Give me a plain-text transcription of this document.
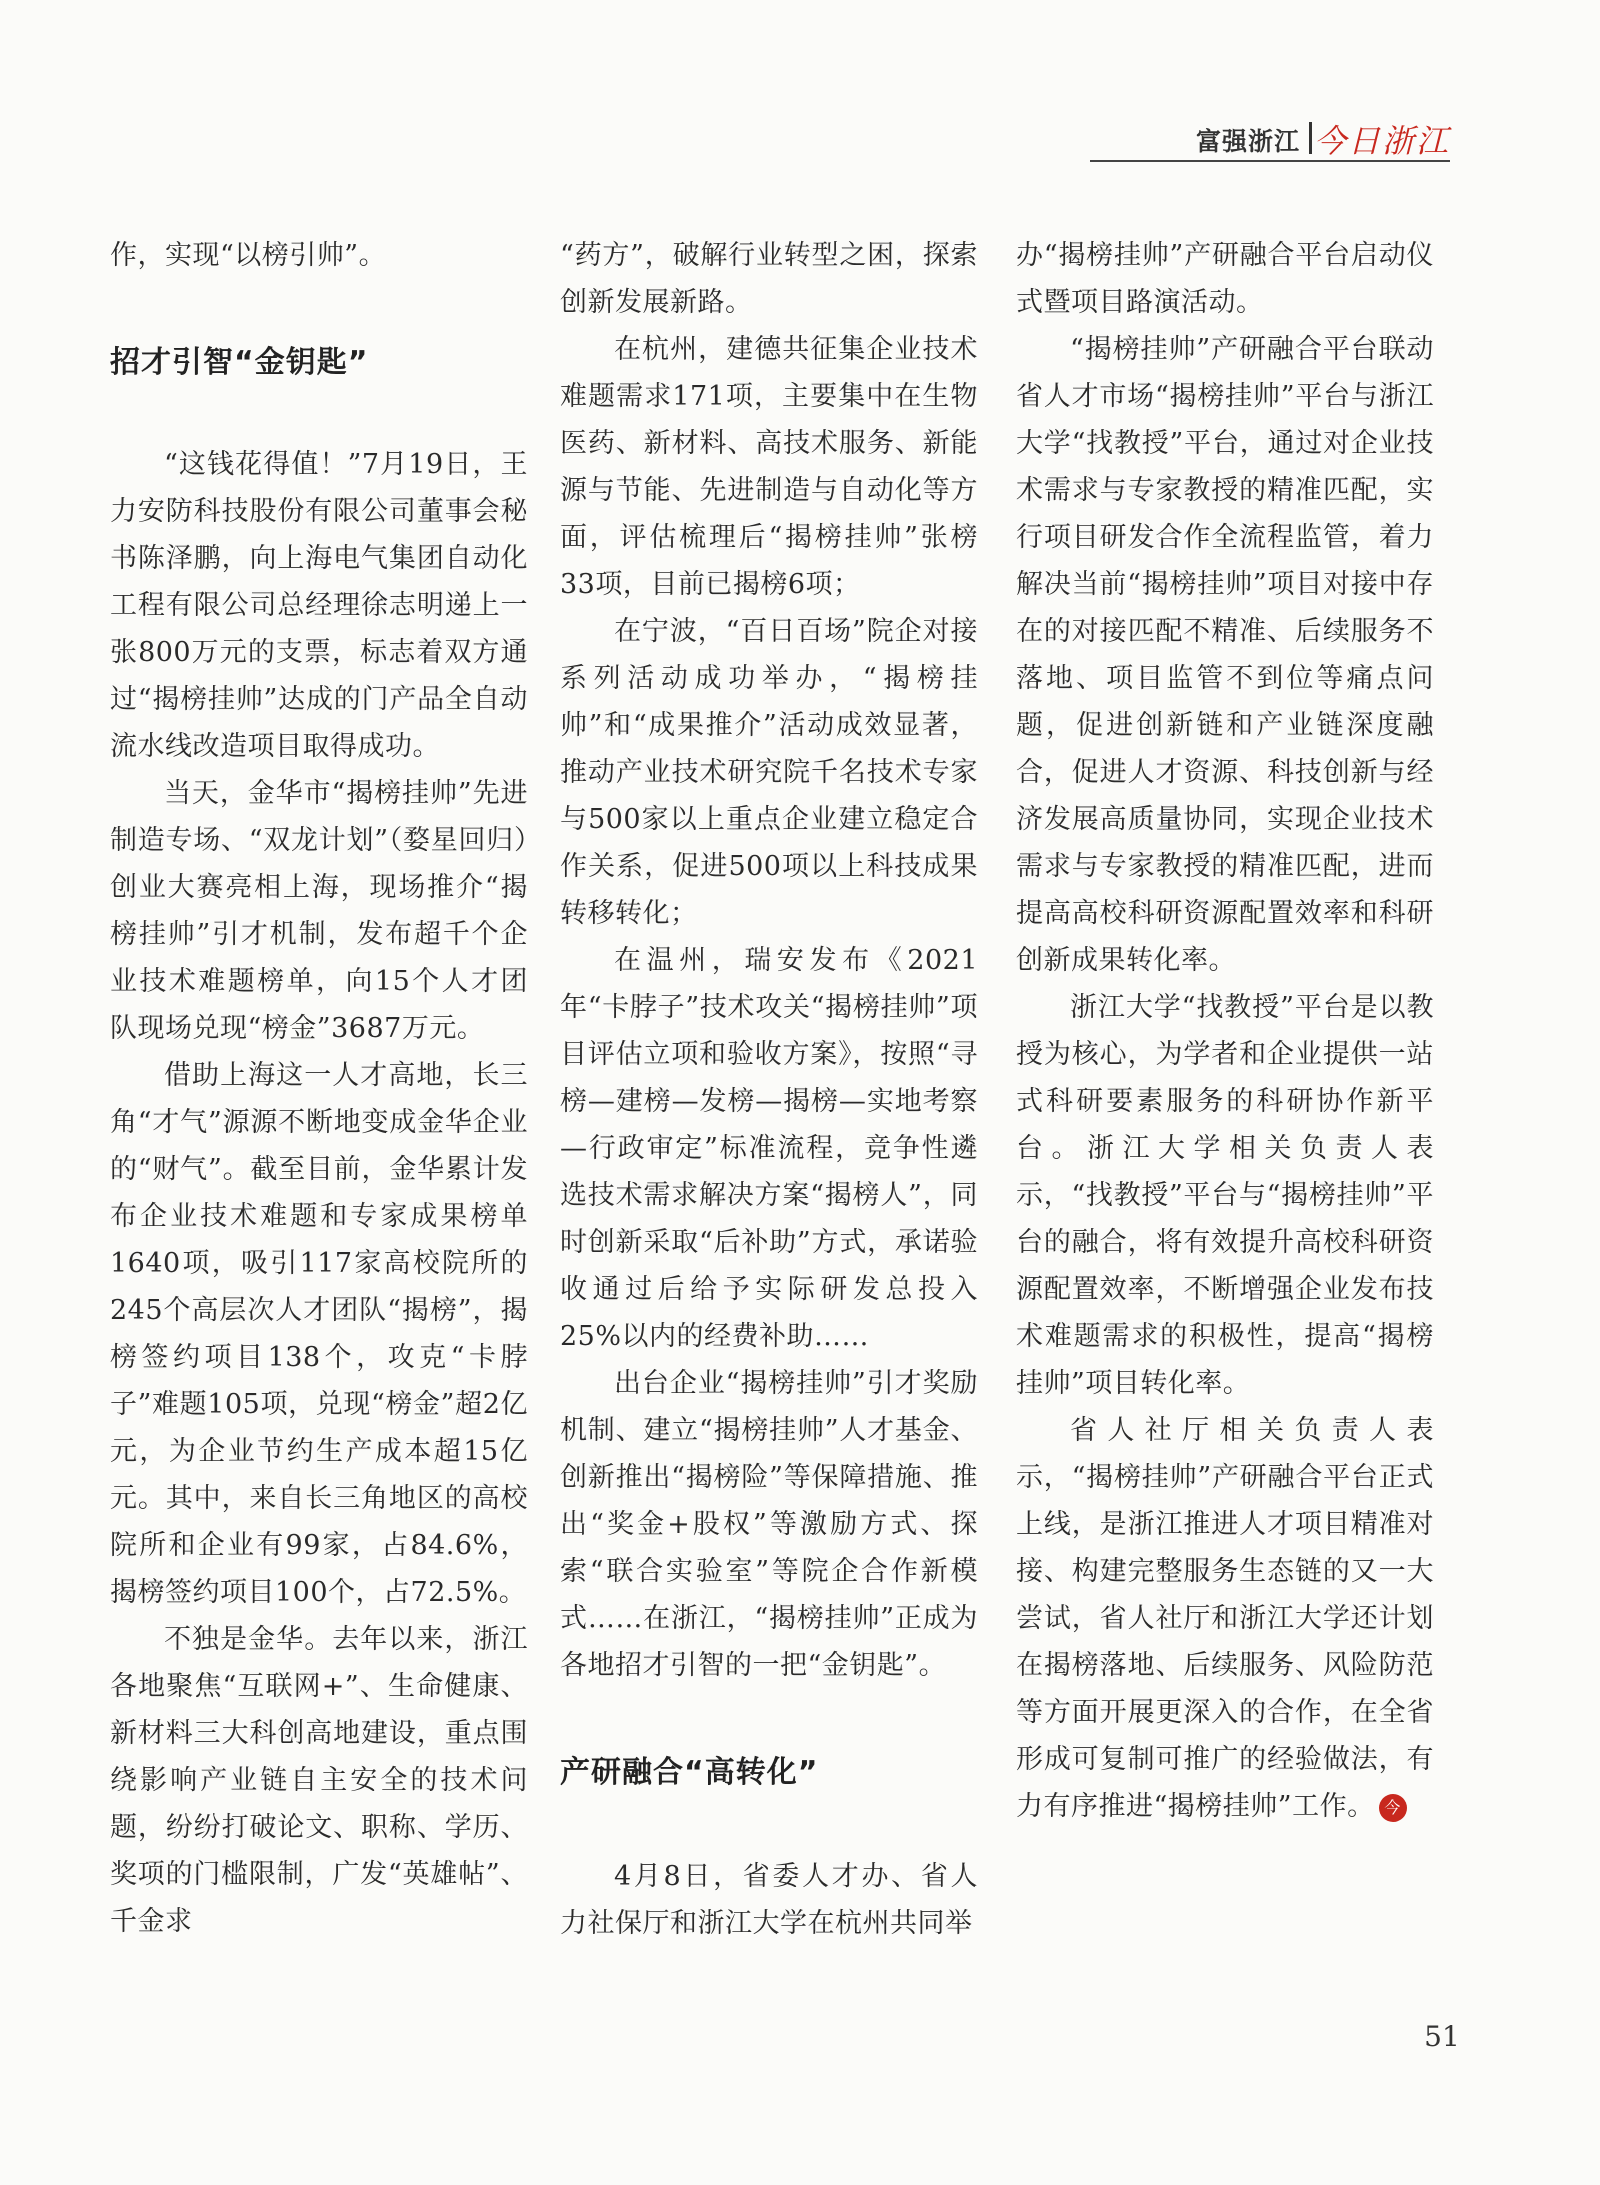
富强浙江 今日浙江

作，实现“以榜引帅”。

招才引智“金钥匙”

“这钱花得值！”7月19日，王力安防科技股份有限公司董事会秘书陈泽鹏，向上海电气集团自动化工程有限公司总经理徐志明递上一张800万元的支票，标志着双方通过“揭榜挂帅”达成的门产品全自动流水线改造项目取得成功。

当天，金华市“揭榜挂帅”先进制造专场、“双龙计划”（婺星回归）创业大赛亮相上海，现场推介“揭榜挂帅”引才机制，发布超千个企业技术难题榜单，向15个人才团队现场兑现“榜金”3687万元。

借助上海这一人才高地，长三角“才气”源源不断地变成金华企业的“财气”。截至目前，金华累计发布企业技术难题和专家成果榜单1640项，吸引117家高校院所的245个高层次人才团队“揭榜”，揭榜签约项目138个，攻克“卡脖子”难题105项，兑现“榜金”超2亿元，为企业节约生产成本超15亿元。其中，来自长三角地区的高校院所和企业有99家，占84.6%，揭榜签约项目100个，占72.5%。

不独是金华。去年以来，浙江各地聚焦“互联网+”、生命健康、新材料三大科创高地建设，重点围绕影响产业链自主安全的技术问题，纷纷打破论文、职称、学历、奖项的门槛限制，广发“英雄帖”、千金求

“药方”，破解行业转型之困，探索创新发展新路。

在杭州，建德共征集企业技术难题需求171项，主要集中在生物医药、新材料、高技术服务、新能源与节能、先进制造与自动化等方面，评估梳理后“揭榜挂帅”张榜33项，目前已揭榜6项；

在宁波，“百日百场”院企对接系列活动成功举办，“揭榜挂帅”和“成果推介”活动成效显著，推动产业技术研究院千名技术专家与500家以上重点企业建立稳定合作关系，促进500项以上科技成果转移转化；

在温州，瑞安发布《2021年“卡脖子”技术攻关“揭榜挂帅”项目评估立项和验收方案》，按照“寻榜—建榜—发榜—揭榜—实地考察—行政审定”标准流程，竞争性遴选技术需求解决方案“揭榜人”，同时创新采取“后补助”方式，承诺验收通过后给予实际研发总投入25%以内的经费补助……

出台企业“揭榜挂帅”引才奖励机制、建立“揭榜挂帅”人才基金、创新推出“揭榜险”等保障措施、推出“奖金+股权”等激励方式、探索“联合实验室”等院企合作新模式……在浙江，“揭榜挂帅”正成为各地招才引智的一把“金钥匙”。

产研融合“高转化”

4月8日，省委人才办、省人力社保厅和浙江大学在杭州共同举

办“揭榜挂帅”产研融合平台启动仪式暨项目路演活动。

“揭榜挂帅”产研融合平台联动省人才市场“揭榜挂帅”平台与浙江大学“找教授”平台，通过对企业技术需求与专家教授的精准匹配，实行项目研发合作全流程监管，着力解决当前“揭榜挂帅”项目对接中存在的对接匹配不精准、后续服务不落地、项目监管不到位等痛点问题，促进创新链和产业链深度融合，促进人才资源、科技创新与经济发展高质量协同，实现企业技术需求与专家教授的精准匹配，进而提高高校科研资源配置效率和科研创新成果转化率。

浙江大学“找教授”平台是以教授为核心，为学者和企业提供一站式科研要素服务的科研协作新平台。浙江大学相关负责人表示，“找教授”平台与“揭榜挂帅”平台的融合，将有效提升高校科研资源配置效率，不断增强企业发布技术难题需求的积极性，提高“揭榜挂帅”项目转化率。

省人社厅相关负责人表示，“揭榜挂帅”产研融合平台正式上线，是浙江推进人才项目精准对接、构建完整服务生态链的又一大尝试，省人社厅和浙江大学还计划在揭榜落地、后续服务、风险防范等方面开展更深入的合作，在全省形成可复制可推广的经验做法，有力有序推进“揭榜挂帅”工作。 今

51
